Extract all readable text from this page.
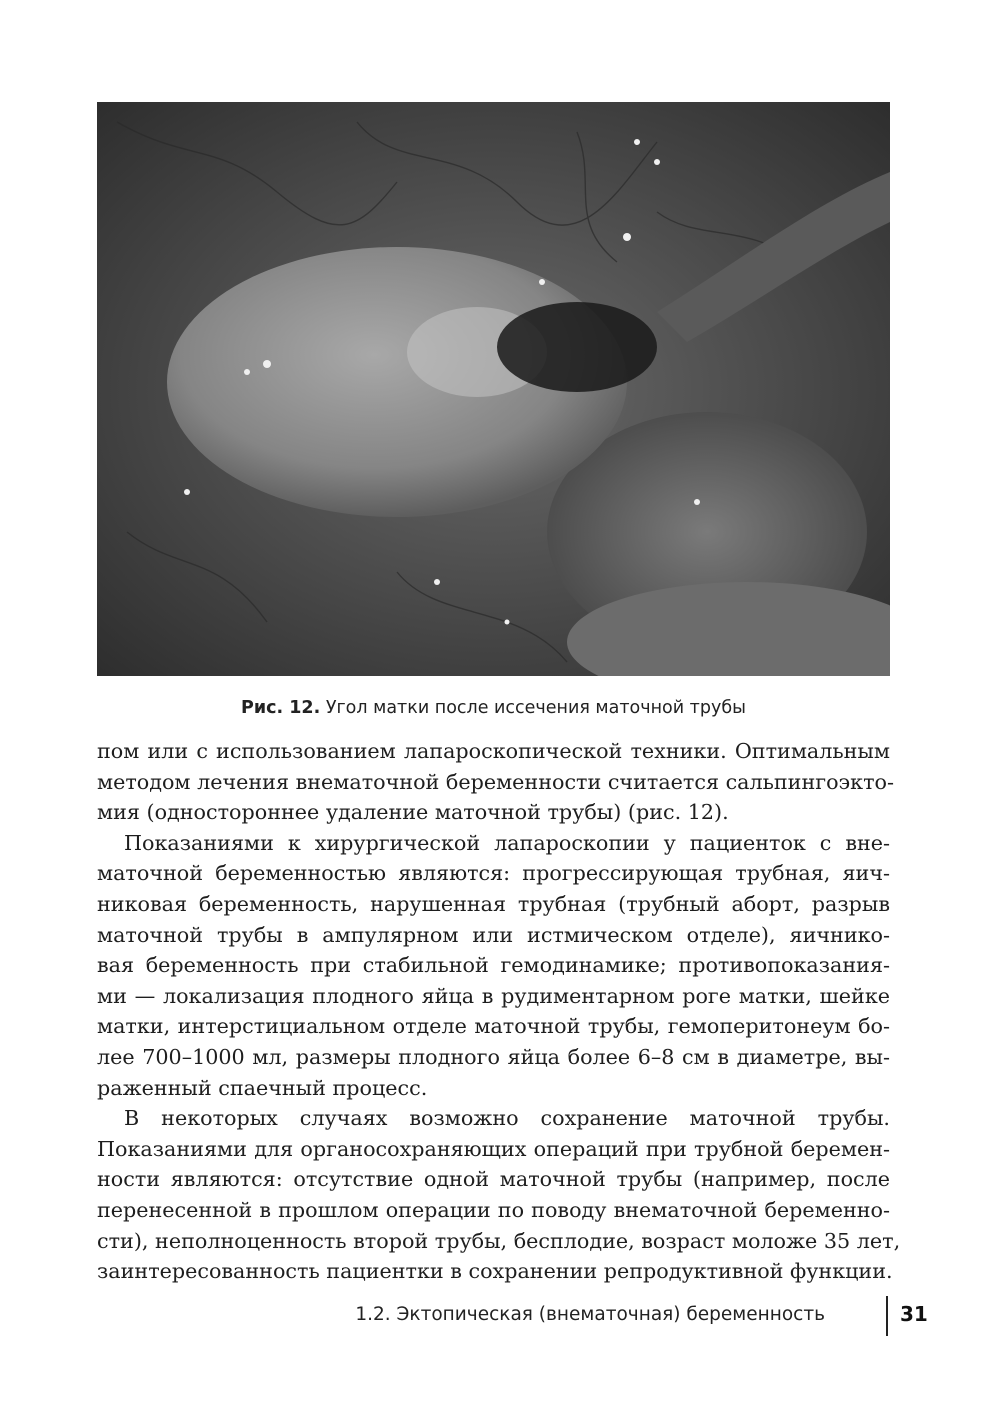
Рис. 12. Угол матки после иссечения маточной трубы

пом или с использованием лапароскопической техники. Оптимальным
методом лечения внематочной беременности считается сальпингоэкто-
мия (одностороннее удаление маточной трубы) (рис. 12).

Показаниями к хирургической лапароскопии у пациенток с вне-
маточной беременностью являются: прогрессирующая трубная, яич-
никовая беременность, нарушенная трубная (трубный аборт, разрыв
маточной трубы в ампулярном или истмическом отделе), яичнико-
вая беременность при стабильной гемодинамике; противопоказания-
ми — локализация плодного яйца в рудиментарном роге матки, шейке
матки, интерстициальном отделе маточной трубы, гемоперитонеум бо-
лее 700–1000 мл, размеры плодного яйца более 6–8 см в диаметре, вы-
раженный спаечный процесс.

В некоторых случаях возможно сохранение маточной трубы.
Показаниями для органосохраняющих операций при трубной беремен-
ности являются: отсутствие одной маточной трубы (например, после
перенесенной в прошлом операции по поводу внематочной беременно-
сти), неполноценность второй трубы, бесплодие, возраст моложе 35 лет,
заинтересованность пациентки в сохранении репродуктивной функции.

1.2. Эктопическая (внематочная) беременность	31
